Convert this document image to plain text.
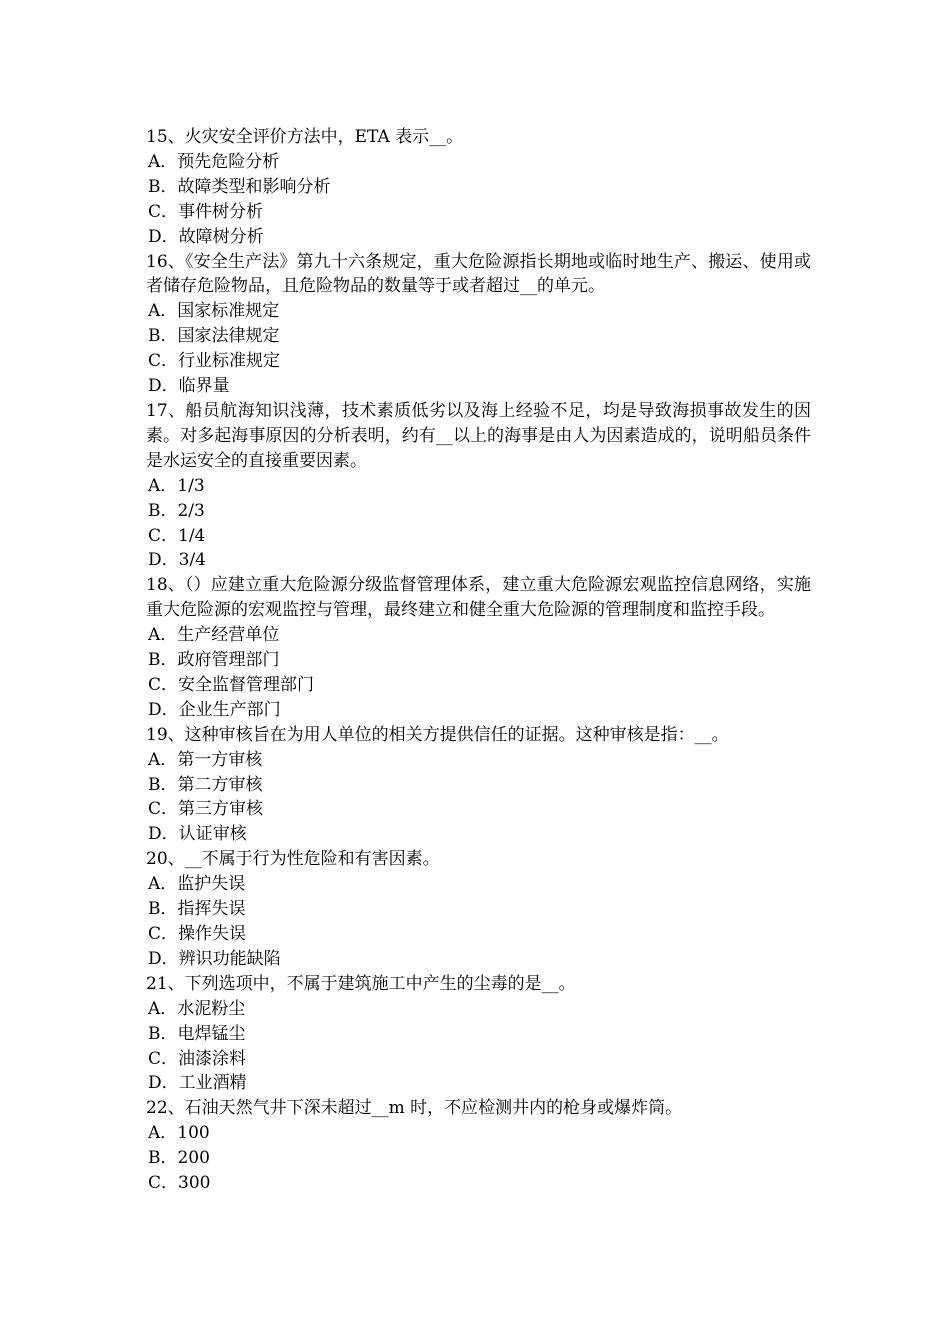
15、火灾安全评价方法中，ETA 表示__。

A．预先危险分析
B．故障类型和影响分析
C．事件树分析
D．故障树分析

16、《安全生产法》第九十六条规定，重大危险源指长期地或临时地生产、搬运、使用或者储存危险物品，且危险物品的数量等于或者超过__的单元。

A．国家标准规定
B．国家法律规定
C．行业标准规定
D．临界量

17、船员航海知识浅薄，技术素质低劣以及海上经验不足，均是导致海损事故发生的因素。对多起海事原因的分析表明，约有__以上的海事是由人为因素造成的，说明船员条件是水运安全的直接重要因素。

A．1/3
B．2/3
C．1/4
D．3/4

18、（）应建立重大危险源分级监督管理体系，建立重大危险源宏观监控信息网络，实施重大危险源的宏观监控与管理，最终建立和健全重大危险源的管理制度和监控手段。

A．生产经营单位
B．政府管理部门
C．安全监督管理部门
D．企业生产部门

19、这种审核旨在为用人单位的相关方提供信任的证据。这种审核是指：__。

A．第一方审核
B．第二方审核
C．第三方审核
D．认证审核

20、__不属于行为性危险和有害因素。

A．监护失误
B．指挥失误
C．操作失误
D．辨识功能缺陷

21、下列选项中，不属于建筑施工中产生的尘毒的是__。

A．水泥粉尘
B．电焊锰尘
C．油漆涂料
D．工业酒精

22、石油天然气井下深未超过__m 时，不应检测井内的枪身或爆炸筒。

A．100
B．200
C．300
